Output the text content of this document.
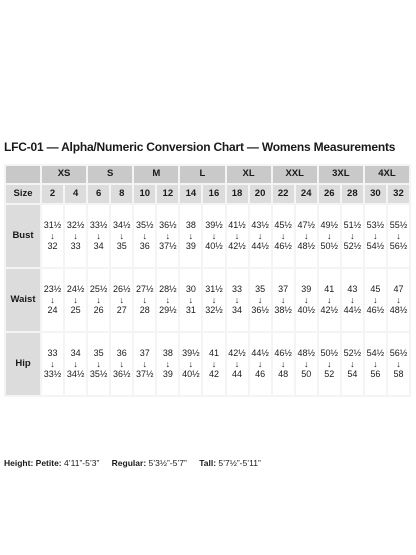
LFC-01 — Alpha/Numeric Conversion Chart — Womens Measurements
	XS		S		M		L		XL		XXL		3XL		4XL	
Size	2	4	6	8	10	12	14	16	18	20	22	24	26	28	30	32
Bust	31½
↓
32	32½
↓
33	33½
↓
34	34½
↓
35	35½
↓
36	36½
↓
37½	38
↓
39	39½
↓
40½	41½
↓
42½	43½
↓
44½	45½
↓
46½	47½
↓
48½	49½
↓
50½	51½
↓
52½	53½
↓
54½	55½
↓
56½

Waist	23½
↓
24	24½
↓
25	25½
↓
26	26½
↓
27	27½
↓
28	28½
↓
29½	30
↓
31	31½
↓
32½	33
↓
34	35
↓
36½	37
↓
38½	39
↓
40½	41
↓
42½	43
↓
44½	45
↓
46½	47
↓
48½

Hip	33
↓
33½	34
↓
34½	35
↓
35½	36
↓
36½	37
↓
37½	38
↓
39	39½
↓
40½	41
↓
42	42½
↓
44	44½
↓
46	46½
↓
48	48½
↓
50	50½
↓
52	52½
↓
54	54½
↓
56	56½
↓
58
Height: Petite: 4’11”-5’3” Regular: 5’3½”-5’7” Tall: 5’7½”-5’11”
